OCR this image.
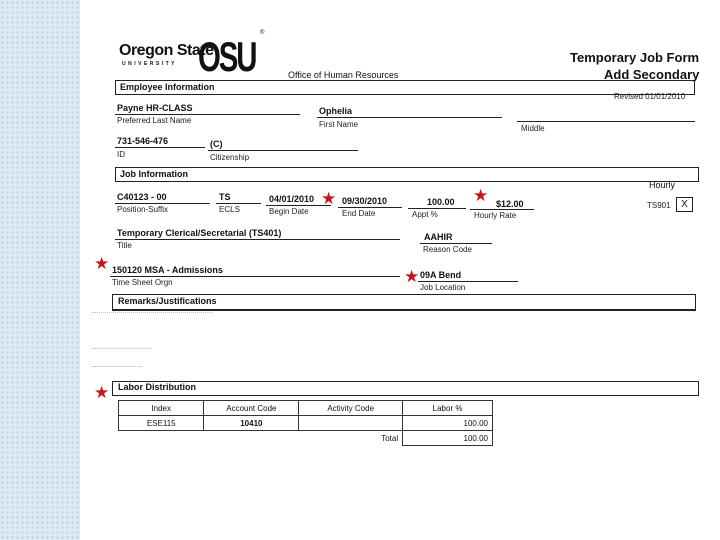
Oregon State
UNIVERSITY OSU ®
Office of Human Resources
Temporary Job Form
Add Secondary
Employee Information
Revised 01/01/2010
Payne HR-CLASS
Preferred Last Name
Ophelia
First Name	Middle
731-546-476
ID
(C)
Citizenship
Job Information
Hourly
C40123 - 00
Position-Suffix
TS
ECLS
04/01/2010
Begin Date
09/30/2010
End Date
100.00
Appt %
$12.00
Hourly Rate
TS901	X
Temporary Clerical/Secretarial (TS401)
Title
AAHIR
Reason Code
150120 MSA - Admissions
Time Sheet Orgn
09A Bend
Job Location
Remarks/Justifications
Labor Distribution
Index	Account Code	Activity Code	Labor %
ESE115	10410		100.00
Total			100.00
★	★
★
★
★
